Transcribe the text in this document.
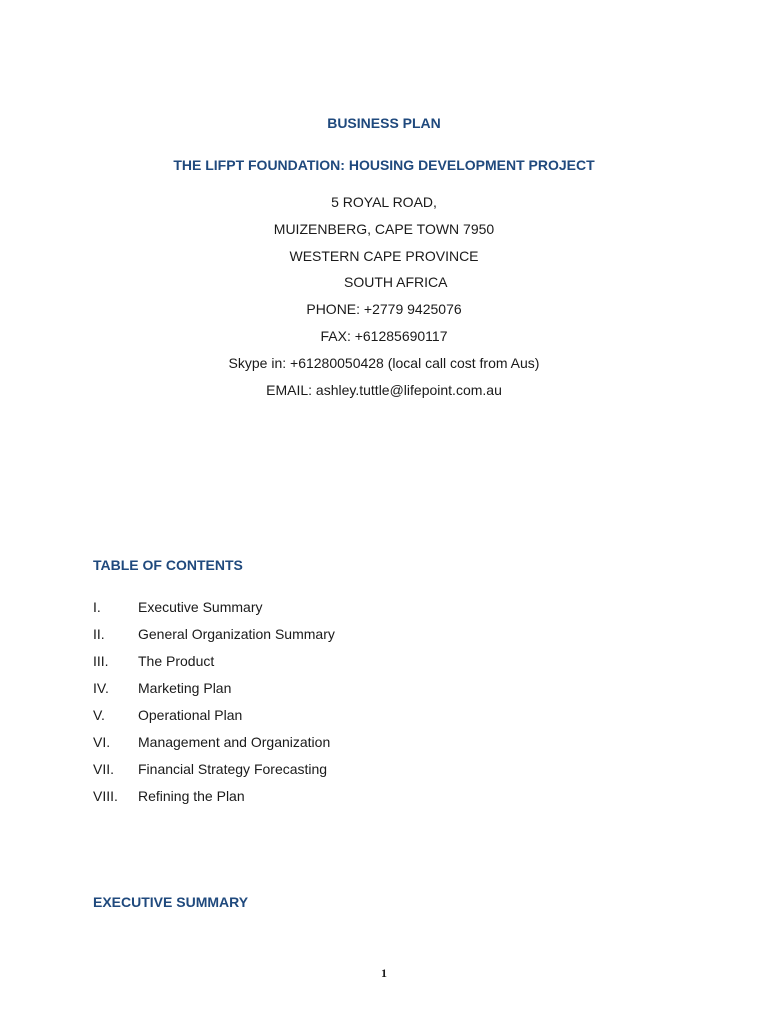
BUSINESS PLAN

THE LIFPT FOUNDATION: HOUSING DEVELOPMENT PROJECT

5 ROYAL ROAD,

MUIZENBERG, CAPE TOWN 7950

WESTERN CAPE PROVINCE

SOUTH AFRICA

PHONE: +2779 9425076

FAX: +61285690117

Skype in: +61280050428 (local call cost from Aus)

EMAIL: ashley.tuttle@lifepoint.com.au

TABLE OF CONTENTS

I.	Executive Summary
II. General Organization Summary
III. The Product
IV. Marketing Plan
V. Operational Plan
VI. Management and Organization
VII. Financial Strategy Forecasting
VIII. Refining the Plan

EXECUTIVE SUMMARY

1
